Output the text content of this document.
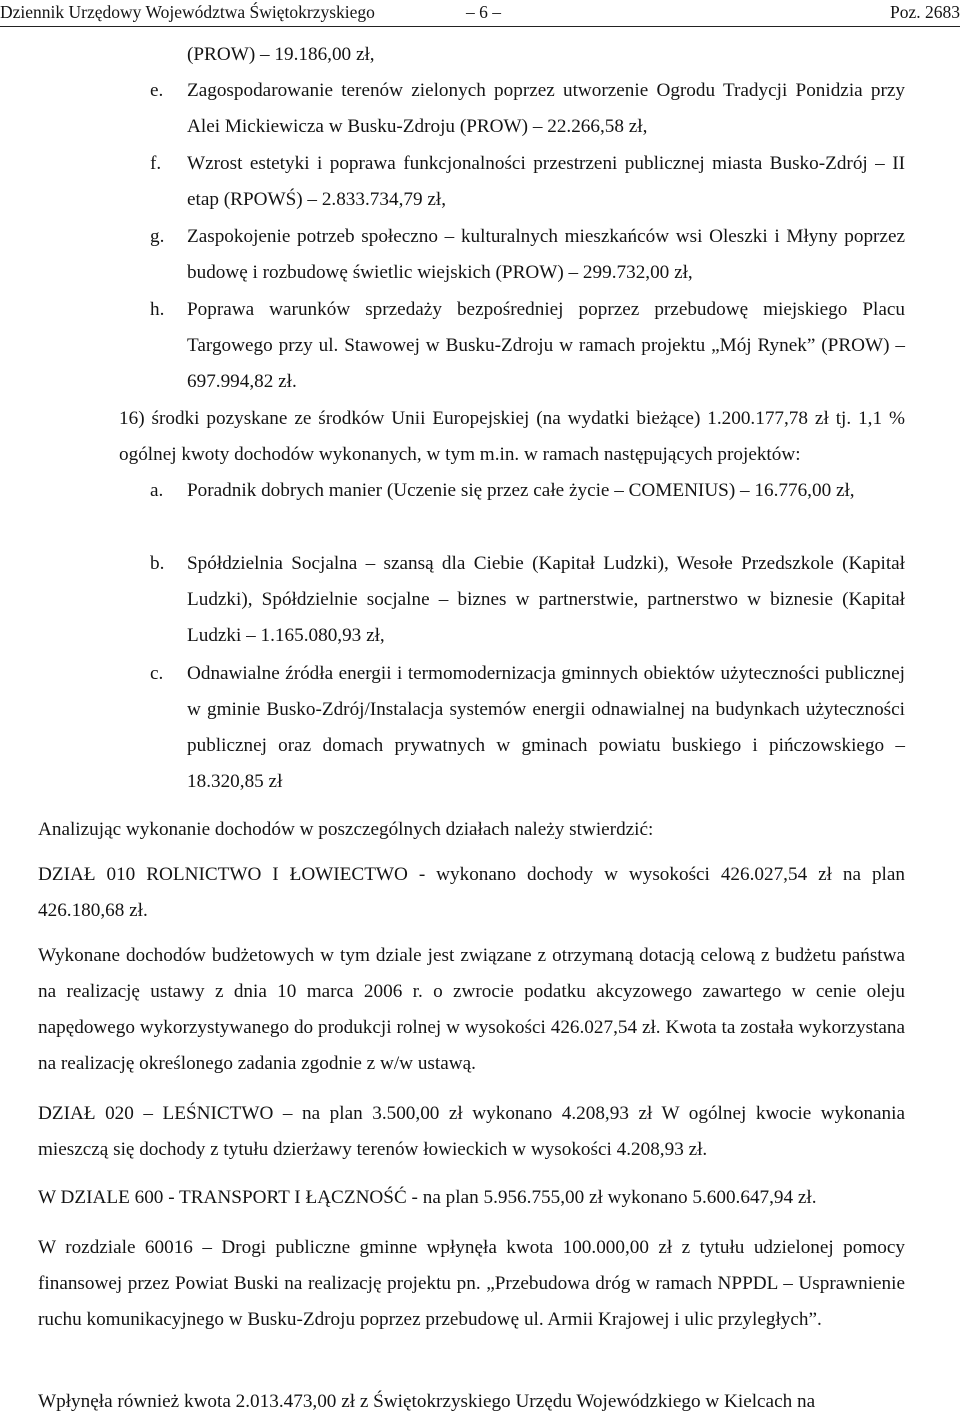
Dziennik Urzędowy Województwa Świętokrzyskiego	– 6 –	Poz. 2683
(PROW) – 19.186,00 zł,
e.	Zagospodarowanie terenów zielonych poprzez utworzenie Ogrodu Tradycji Ponidzia przy Alei Mickiewicza w Busku-Zdroju (PROW) – 22.266,58 zł,
f.	Wzrost estetyki i poprawa funkcjonalności przestrzeni publicznej miasta Busko-Zdrój – II etap (RPOWŚ) – 2.833.734,79 zł,
g.	Zaspokojenie potrzeb społeczno – kulturalnych mieszkańców wsi Oleszki i Młyny poprzez budowę i rozbudowę świetlic wiejskich (PROW) – 299.732,00 zł,
h.	Poprawa warunków sprzedaży bezpośredniej poprzez przebudowę miejskiego Placu Targowego przy ul. Stawowej w Busku-Zdroju w ramach projektu „Mój Rynek” (PROW) – 697.994,82 zł.
16) środki pozyskane ze środków Unii Europejskiej (na wydatki bieżące) 1.200.177,78 zł tj. 1,1 % ogólnej kwoty dochodów wykonanych, w tym m.in. w ramach następujących projektów:
a.	Poradnik dobrych manier (Uczenie się przez całe życie – COMENIUS) – 16.776,00 zł,
b.	Spółdzielnia Socjalna – szansą dla Ciebie (Kapitał Ludzki), Wesołe Przedszkole (Kapitał Ludzki), Spółdzielnie socjalne – biznes w partnerstwie, partnerstwo w biznesie (Kapitał Ludzki – 1.165.080,93 zł,
c.	Odnawialne źródła energii i termomodernizacja gminnych obiektów użyteczności publicznej w gminie Busko-Zdrój/Instalacja systemów energii odnawialnej na budynkach użyteczności publicznej oraz domach prywatnych w gminach powiatu buskiego i pińczowskiego – 18.320,85 zł
Analizując wykonanie dochodów w poszczególnych działach należy stwierdzić:
DZIAŁ 010 ROLNICTWO I ŁOWIECTWO - wykonano dochody w wysokości 426.027,54 zł na plan 426.180,68 zł.
Wykonane dochodów budżetowych w tym dziale jest związane z otrzymaną dotacją celową z budżetu państwa na realizację ustawy z dnia 10 marca 2006 r. o zwrocie podatku akcyzowego zawartego w cenie oleju napędowego wykorzystywanego do produkcji rolnej w wysokości 426.027,54 zł. Kwota ta została wykorzystana na realizację określonego zadania zgodnie z w/w ustawą.
DZIAŁ 020 – LEŚNICTWO – na plan 3.500,00 zł wykonano 4.208,93 zł W ogólnej kwocie wykonania mieszczą się dochody z tytułu dzierżawy terenów łowieckich w wysokości 4.208,93 zł.
W DZIALE 600 - TRANSPORT I ŁĄCZNOŚĆ - na plan 5.956.755,00 zł wykonano 5.600.647,94 zł.
W rozdziale 60016 – Drogi publiczne gminne wpłynęła kwota 100.000,00 zł z tytułu udzielonej pomocy finansowej przez Powiat Buski na realizację projektu pn. „Przebudowa dróg w ramach NPPDL – Usprawnienie ruchu komunikacyjnego w Busku-Zdroju poprzez przebudowę ul. Armii Krajowej i ulic przyległych”.
Wpłynęła również kwota 2.013.473,00 zł z Świętokrzyskiego Urzędu Wojewódzkiego w Kielcach na
